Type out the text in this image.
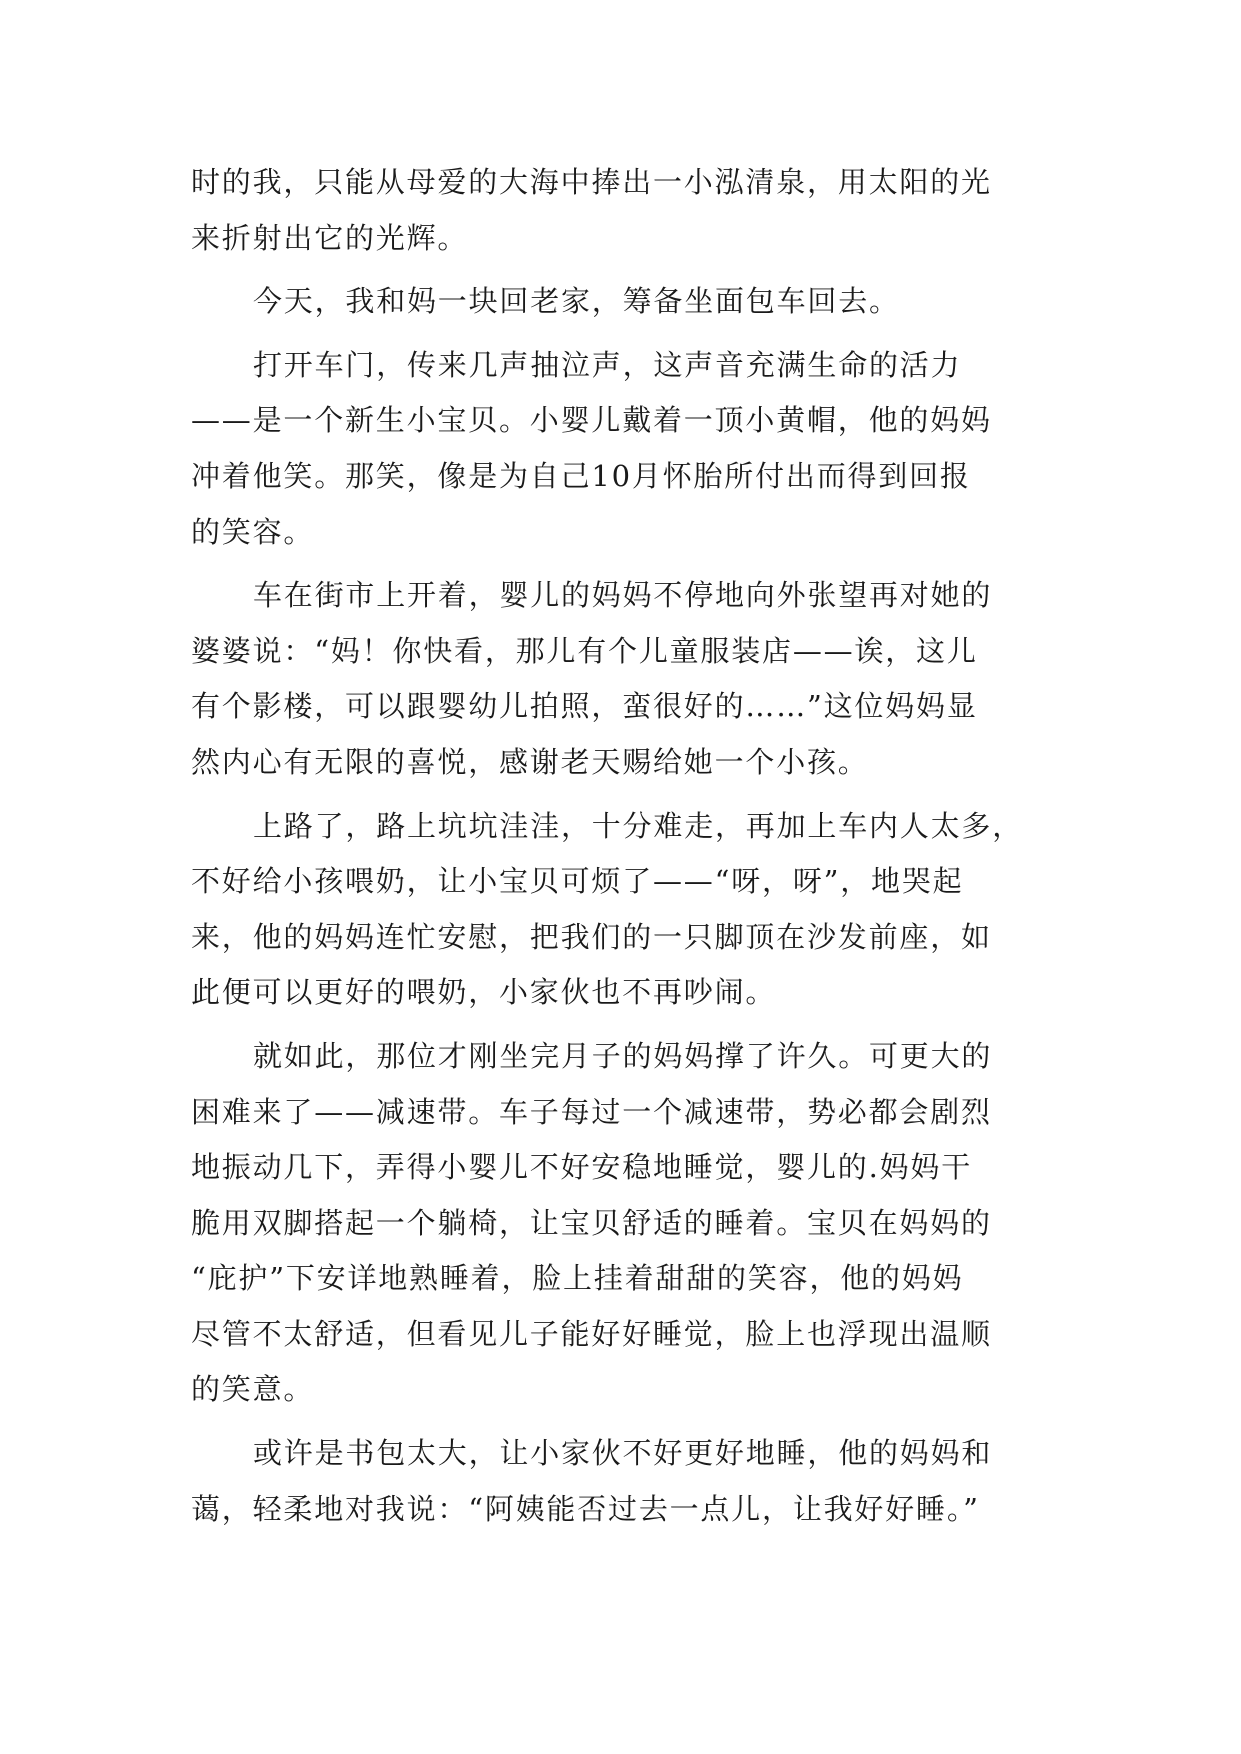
时的我，只能从母爱的大海中捧出一小泓清泉，用太阳的光
来折射出它的光辉。
今天，我和妈一块回老家，筹备坐面包车回去。
打开车门，传来几声抽泣声，这声音充满生命的活力
——是一个新生小宝贝。小婴儿戴着一顶小黄帽，他的妈妈
冲着他笑。那笑，像是为自己10月怀胎所付出而得到回报
的笑容。
车在街市上开着，婴儿的妈妈不停地向外张望再对她的
婆婆说：“妈！你快看，那儿有个儿童服装店——诶，这儿
有个影楼，可以跟婴幼儿拍照，蛮很好的……”这位妈妈显
然内心有无限的喜悦，感谢老天赐给她一个小孩。
上路了，路上坑坑洼洼，十分难走，再加上车内人太多，
不好给小孩喂奶，让小宝贝可烦了——“呀，呀”，地哭起
来，他的妈妈连忙安慰，把我们的一只脚顶在沙发前座，如
此便可以更好的喂奶，小家伙也不再吵闹。
就如此，那位才刚坐完月子的妈妈撑了许久。可更大的
困难来了——减速带。车子每过一个减速带，势必都会剧烈
地振动几下，弄得小婴儿不好安稳地睡觉，婴儿的.妈妈干
脆用双脚搭起一个躺椅，让宝贝舒适的睡着。宝贝在妈妈的
“庇护”下安详地熟睡着，脸上挂着甜甜的笑容，他的妈妈
尽管不太舒适，但看见儿子能好好睡觉，脸上也浮现出温顺
的笑意。
或许是书包太大，让小家伙不好更好地睡，他的妈妈和
蔼，轻柔地对我说：“阿姨能否过去一点儿，让我好好睡。”
